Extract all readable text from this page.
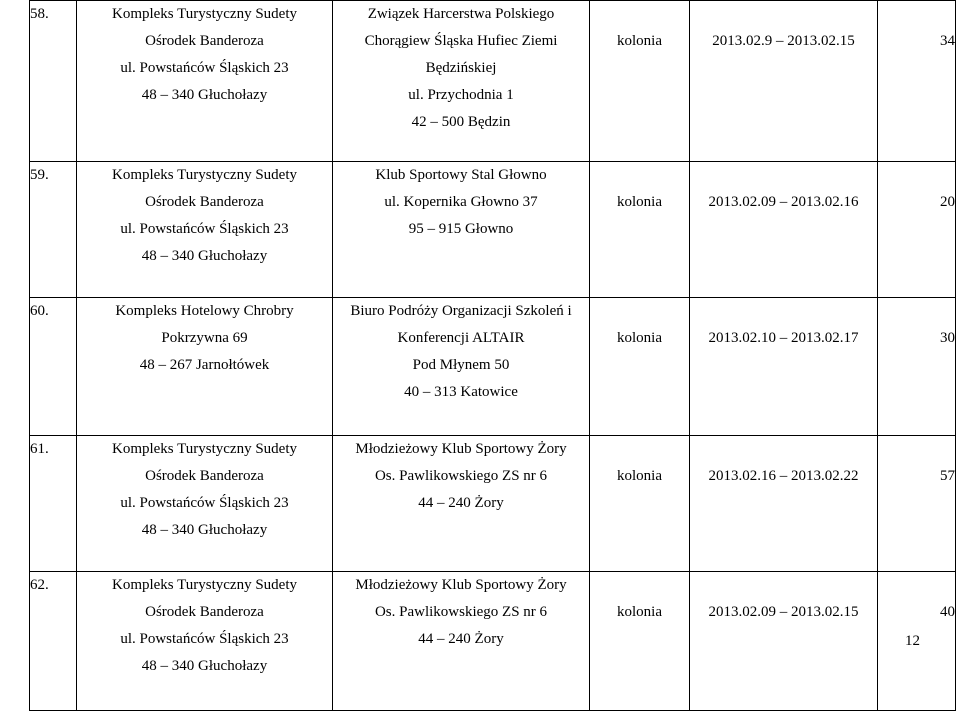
58.	Kompleks Turystyczny Sudety
Ośrodek Banderoza
ul. Powstańców Śląskich 23
48 – 340 Głuchołazy	Związek Harcerstwa Polskiego
Chorągiew Śląska Hufiec Ziemi
Będzińskiej
ul. Przychodnia 1
42 – 500 Będzin	kolonia	2013.02.9 – 2013.02.15	34
59.	Kompleks Turystyczny Sudety
Ośrodek Banderoza
ul. Powstańców Śląskich 23
48 – 340 Głuchołazy	Klub Sportowy Stal Głowno
ul. Kopernika Głowno 37
95 – 915 Głowno	kolonia	2013.02.09 – 2013.02.16	20
60.	Kompleks Hotelowy Chrobry
Pokrzywna 69
48 – 267 Jarnołtówek	Biuro Podróży Organizacji Szkoleń i
Konferencji ALTAIR
Pod Młynem 50
40 – 313 Katowice	kolonia	2013.02.10 – 2013.02.17	30
61.	Kompleks Turystyczny Sudety
Ośrodek Banderoza
ul. Powstańców Śląskich 23
48 – 340 Głuchołazy	Młodzieżowy Klub Sportowy Żory
Os. Pawlikowskiego ZS nr 6
44 – 240 Żory	kolonia	2013.02.16 – 2013.02.22	57
62.	Kompleks Turystyczny Sudety
Ośrodek Banderoza
ul. Powstańców Śląskich 23
48 – 340 Głuchołazy	Młodzieżowy Klub Sportowy Żory
Os. Pawlikowskiego ZS nr 6
44 – 240 Żory	kolonia	2013.02.09 – 2013.02.15	40
12
